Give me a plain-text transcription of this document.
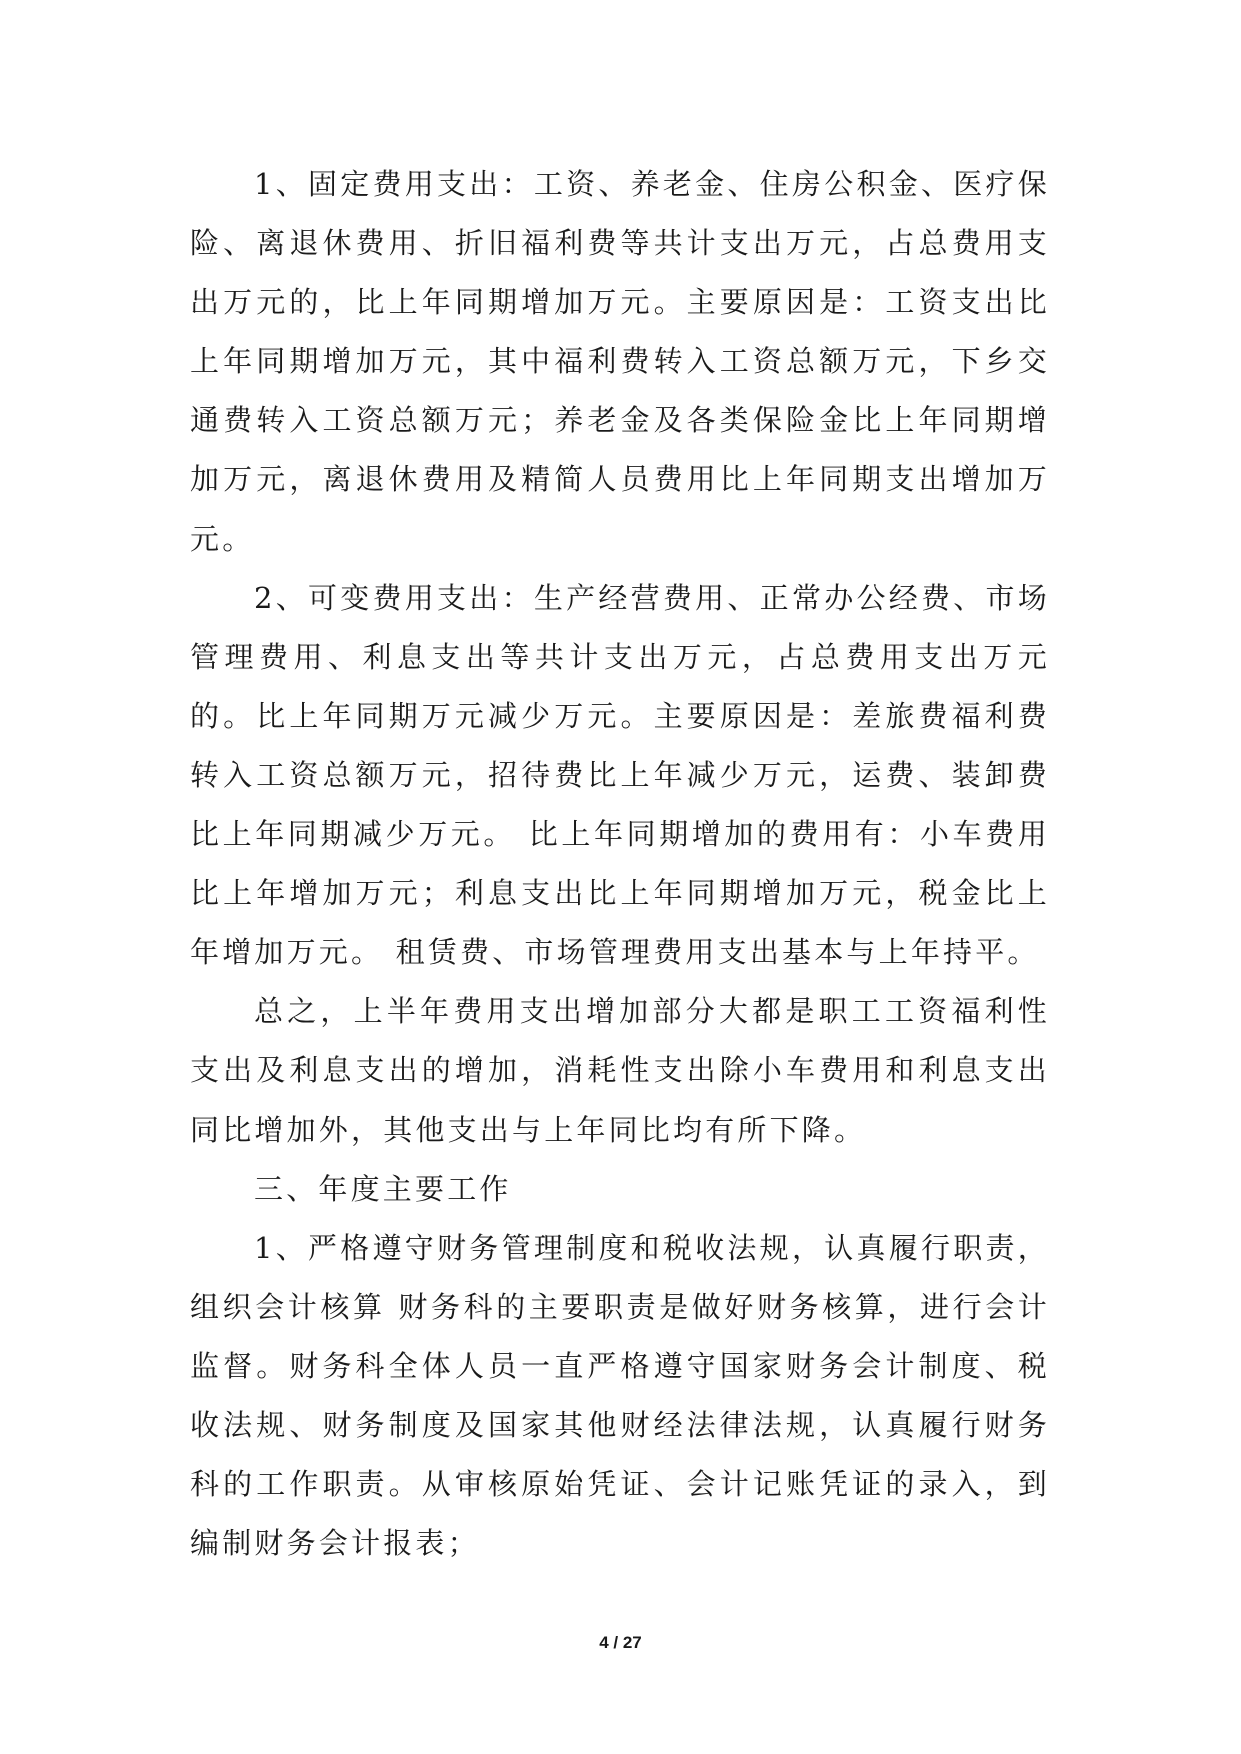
1、固定费用支出：工资、养老金、住房公积金、医疗保险、离退休费用、折旧福利费等共计支出万元，占总费用支出万元的，比上年同期增加万元。主要原因是：工资支出比上年同期增加万元，其中福利费转入工资总额万元，下乡交通费转入工资总额万元；养老金及各类保险金比上年同期增加万元，离退休费用及精简人员费用比上年同期支出增加万元。

2、可变费用支出：生产经营费用、正常办公经费、市场管理费用、利息支出等共计支出万元，占总费用支出万元的。比上年同期万元减少万元。主要原因是：差旅费福利费转入工资总额万元，招待费比上年减少万元，运费、装卸费比上年同期减少万元。 比上年同期增加的费用有：小车费用比上年增加万元；利息支出比上年同期增加万元，税金比上年增加万元。 租赁费、市场管理费用支出基本与上年持平。

总之，上半年费用支出增加部分大都是职工工资福利性支出及利息支出的增加，消耗性支出除小车费用和利息支出同比增加外，其他支出与上年同比均有所下降。

三、年度主要工作

1、严格遵守财务管理制度和税收法规，认真履行职责，组织会计核算 财务科的主要职责是做好财务核算，进行会计监督。财务科全体人员一直严格遵守国家财务会计制度、税收法规、财务制度及国家其他财经法律法规，认真履行财务科的工作职责。从审核原始凭证、会计记账凭证的录入，到编制财务会计报表；

4 / 27
